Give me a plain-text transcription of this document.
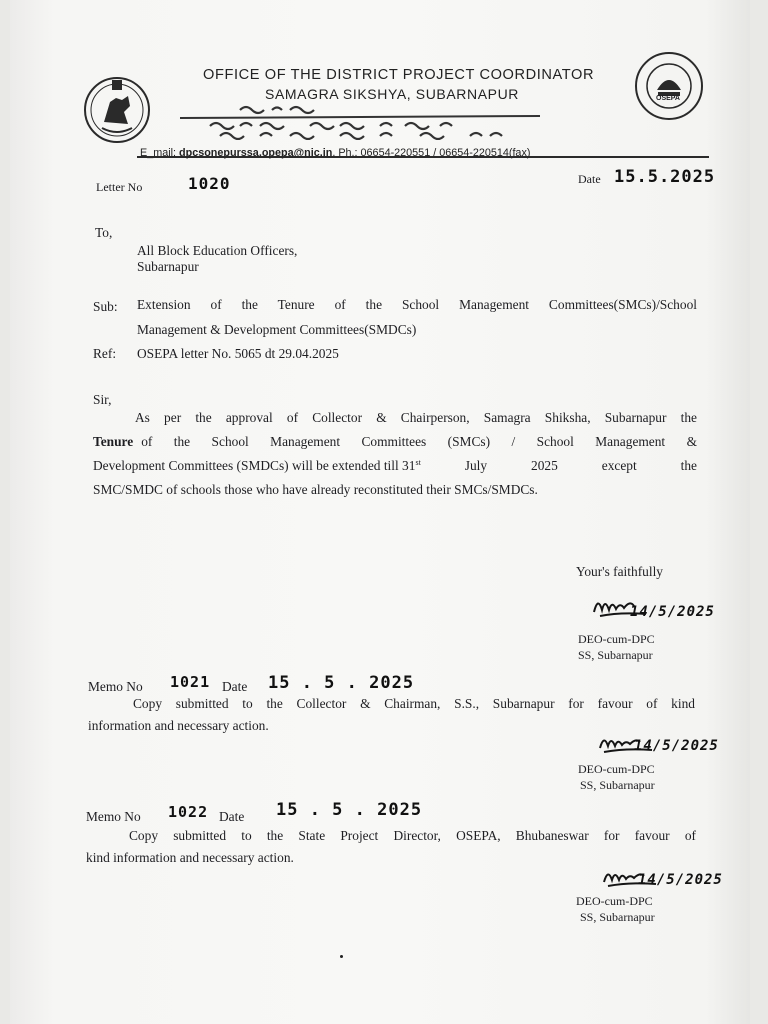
OSEPA
OFFICE OF THE DISTRICT PROJECT COORDINATOR
SAMAGRA SIKSHYA, SUBARNAPUR
E_mail: dpcsonepurssa.opepa@nic.in, Ph.: 06654-220551 / 06654-220514(fax)
Letter No	1020	Date 15.5.2025
To,
All Block Education Officers,
Subarnapur
Sub: Extension of the Tenure of the School Management Committees(SMCs)/School
Management & Development Committees(SMDCs)
Ref: OSEPA letter No. 5065 dt 29.04.2025
Sir,
As per the approval of Collector & Chairperson, Samagra Shiksha, Subarnapur the
Tenure of the School Management Committees (SMCs) / School Management &
Development Committees (SMDCs) will be extended till 31 st July 2025 except the
SMC/SMDC of schools those who have already reconstituted their SMCs/SMDCs.
Your's faithfully
14/5/2025
DEO-cum-DPC
SS, Subarnapur
Memo No 1021 Date 15 . 5 . 2025
Copy submitted to the Collector & Chairman, S.S., Subarnapur for favour of kind
information and necessary action.
14/5/2025
DEO-cum-DPC
SS, Subarnapur
Memo No 1022 Date 15 . 5 . 2025
Copy submitted to the State Project Director, OSEPA, Bhubaneswar for favour of
kind information and necessary action.
14/5/2025
DEO-cum-DPC
SS, Subarnapur
